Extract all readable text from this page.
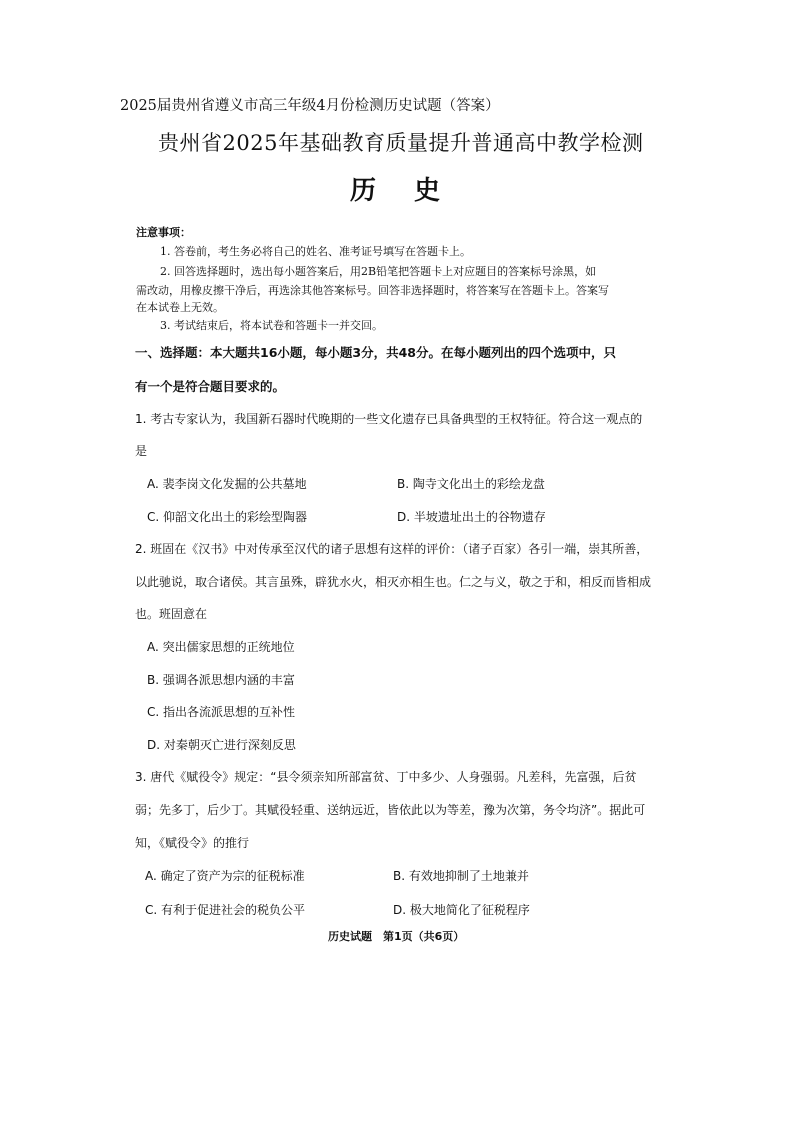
2025届贵州省遵义市高三年级4月份检测历史试题（答案）
贵州省2025年基础教育质量提升普通高中教学检测
历史
注意事项：
1. 答卷前，考生务必将自己的姓名、准考证号填写在答题卡上。
2. 回答选择题时，选出每小题答案后，用2B铅笔把答题卡上对应题目的答案标号涂黑，如
需改动，用橡皮擦干净后，再选涂其他答案标号。回答非选择题时，将答案写在答题卡上。答案写
在本试卷上无效。
3. 考试结束后，将本试卷和答题卡一并交回。
一、选择题：本大题共16小题，每小题3分，共48分。在每小题列出的四个选项中，只
有一个是符合题目要求的。
1. 考古专家认为，我国新石器时代晚期的一些文化遗存已具备典型的王权特征。符合这一观点的
是
A. 裴李岗文化发掘的公共墓地	B. 陶寺文化出土的彩绘龙盘
C. 仰韶文化出土的彩绘型陶器	D. 半坡遗址出土的谷物遗存
2. 班固在《汉书》中对传承至汉代的诸子思想有这样的评价：（诸子百家）各引一端，崇其所善，
以此驰说，取合诸侯。其言虽殊，辟犹水火，相灭亦相生也。仁之与义，敬之于和，相反而皆相成
也。班固意在
A. 突出儒家思想的正统地位
B. 强调各派思想内涵的丰富
C. 指出各流派思想的互补性
D. 对秦朝灭亡进行深刻反思
3. 唐代《赋役令》规定：“县令须亲知所部富贫、丁中多少、人身强弱。凡差科，先富强，后贫
弱；先多丁，后少丁。其赋役轻重、送纳远近，皆依此以为等差，豫为次第，务令均济”。据此可
知，《赋役令》的推行
A. 确定了资产为宗的征税标准	B. 有效地抑制了土地兼并
C. 有利于促进社会的税负公平	D. 极大地简化了征税程序
历史试题　第1页（共6页）
